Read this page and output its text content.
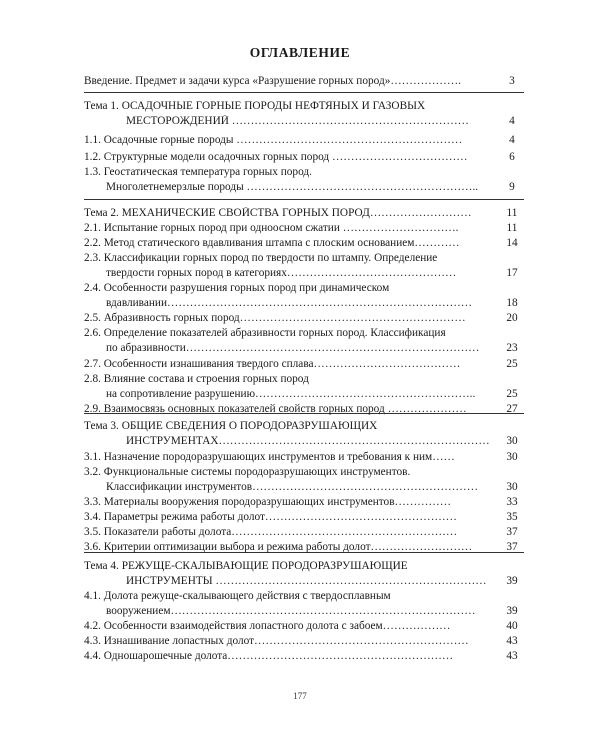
ОГЛАВЛЕНИЕ
Введение. Предмет и задачи курса «Разрушение горных пород»……………….	3
Тема 1. ОСАДОЧНЫЕ ГОРНЫЕ ПОРОДЫ НЕФТЯНЫХ И ГАЗОВЫХ
МЕСТОРОЖДЕНИЙ ………………………………………………………	4
1.1. Осадочные горные породы ……………………………………………………	4
1.2. Структурные модели осадочных горных пород ………………………………	6
1.3. Геостатическая температура горных пород.
Многолетнемерзлые породы ……………………………………………………..	9
Тема 2. МЕХАНИЧЕСКИЕ СВОЙСТВА ГОРНЫХ ПОРОД………………………	11
2.1. Испытание горных пород при одноосном сжатии ………………………….	11
2.2. Метод статического вдавливания штампа с плоским основанием…………	14
2.3. Классификации горных пород по твердости по штампу. Определение
твердости горных пород в категориях………………………………………	17
2.4. Особенности разрушения горных пород при динамическом
вдавливании………………………………………………………………………	18
2.5. Абразивность горных пород……………………………………………………	20
2.6. Определение показателей абразивности горных пород. Классификация
по абразивности……………………………………………………………………	23
2.7. Особенности изнашивания твердого сплава…………………………………	25
2.8. Влияние состава и строения горных пород
на сопротивление разрушению…………………………………………………..	25
2.9. Взаимосвязь основных показателей свойств горных пород …………………	27
Тема 3. ОБЩИЕ СВЕДЕНИЯ О ПОРОДОРАЗРУШАЮЩИХ
ИНСТРУМЕНТАХ………………………………………………………………	30
3.1. Назначение породоразрушающих инструментов и требования к ним……	30
3.2. Функциональные системы породоразрушающих инструментов.
Классификации инструментов……………………………………………………	30
3.3. Материалы вооружения породоразрушающих инструментов……………	33
3.4. Параметры режима работы долот……………………………………………	35
3.5. Показатели работы долота……………………………………………………	37
3.6. Критерии оптимизации выбора и режима работы долот………………………	37
Тема 4. РЕЖУЩЕ-СКАЛЫВАЮЩИЕ ПОРОДОРАЗРУШАЮЩИЕ
ИНСТРУМЕНТЫ ………………………………………………………………	39
4.1. Долота режуще-скалывающего действия с твердосплавным
вооружением………………………………………………………………………	39
4.2. Особенности взаимодействия лопастного долота с забоем………………	40
4.3. Изнашивание лопастных долот…………………………………………………	43
4.4. Одношарошечные долота……………………………………………………	43
177
